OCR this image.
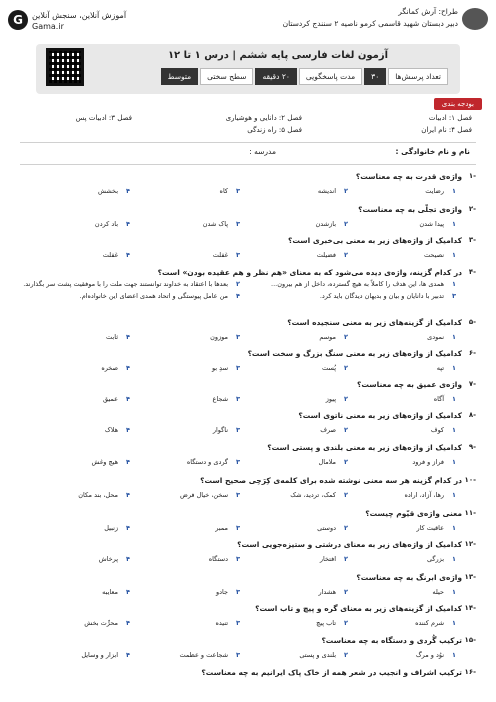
طراح: آرش کمانگر
دبیر دبستان شهید قاسمی کرمو ناصیه ۲ سنندج کردستان
G	آموزش آنلاین، سنجش آنلاین
Gama.ir
آزمون لغات فارسی پایه ششم | درس ۱ تا ۱۲
تعداد پرسش‌ها
۳۰
مدت پاسخگویی
۲۰ دقیقه
سطح سختی
متوسط
بودجه بندی
فصل ۱: ادبیات
فصل ۲: دانایی و هوشیاری
فصل ۳: ادبیات پس
فصل ۴: نام ایران
فصل ۵: راه زندگی
نام و نام خانوادگی :
مدرسه :
-۱
واژه‌ی قدرت به چه معناست؟
۱رضایت
۲اندیشه
۳کاه
۴بخشش
-۲
واژه‌ی تجلّی به چه معناست؟
۱پیدا شدن
۲بازشدن
۳پاک شدن
۴باد کردن
-۳
کدامیک از واژه‌های زیر به معنی بی‌خبری است؟
۱نصیحت
۲فضیلت
۳غفلت
۴غفلت
-۴
در کدام گزینه، واژه‌ی دیده می‌شود که به معنای «هم نظر و هم عقیده بودن» است؟
۱همدی ‌ها، این هدف را کاملاً به هیچ ‌گسترده، داخل از هم بیرون...
۲بعدها با اعتقاد به خداوند توانستند جهت ملت را با موفقیت پشت سر بگذارند.
۳تدبیر ‌با دانایان و بیان و بدیهان دیدگان باید کرد.
۴من عامل پیوستگی و اتحاد همدی اعضای این خانواده‌ام.
-۵
کدامیک از گزینه‌های زیر به معنی سنجیده است؟
۱نمودی
۲موسم
۳موزون
۴ثابت
-۶
کدامیک از واژه‌های زیر به معنی سنگ بزرگ و سخت است؟
۱تپه
۲پُست
۳سدِ بو
۴صخره
-۷
واژه‌ی عمیق به چه معناست؟
۱آگاه
۲پیوز
۳شجاع
۴عمیق
-۸
کدامیک از واژه‌های زیر به معنی ناتوی است؟
۱کوف
۲صرف
۳ناگوار
۴هلاک
-۹
کدامیک از واژه‌های زیر به معنی بلندی و پستی است؟
۱فراز و فرود
۲ملامال
۳گردی و دستگاه
۴هیچ وغش
-۱۰
در کدام گزینه هر سه معنی نوشته شده برای کلمه‌ی کِرَحِی صحیح است؟
۱رها، آزاد، اراده
۲کمک، تردید، شک
۳سخن، خیال فرض
۴محل، بند مکان
-۱۱
معنی واژه‌ی قیّوم چیست؟
۱عاقبت کار
۲دوستی
۳ممبر
۴زنبیل
-۱۲
کدامیک از واژه‌های زیر به معنای درشتی و ستیزه‌جویی است؟
۱بزرگی
۲افتخار
۳دستگاه
۴پرخاش
-۱۳
واژه‌ی ابرنگ به چه معناست؟
۱حیله
۲هشدار
۳جادو
۴معایبه
-۱۴
کدامیک از گزینه‌های زیر به معنای گره و پیچ و تاب است؟
۱شرم کننده
۲تاب پیچ
۳تنیده
۴محرِّت بخش
-۱۵
ترکیب گُردی و دستگاه به چه معناست؟
۱نوُد و مرگ
۲بلندی و پستی
۳شجاعت و عظمت
۴ابزار و وسایل
-۱۶
ترکیب اشراف و انجیب در شعر همه از خاک پاک ایرانیم به چه معناست؟
